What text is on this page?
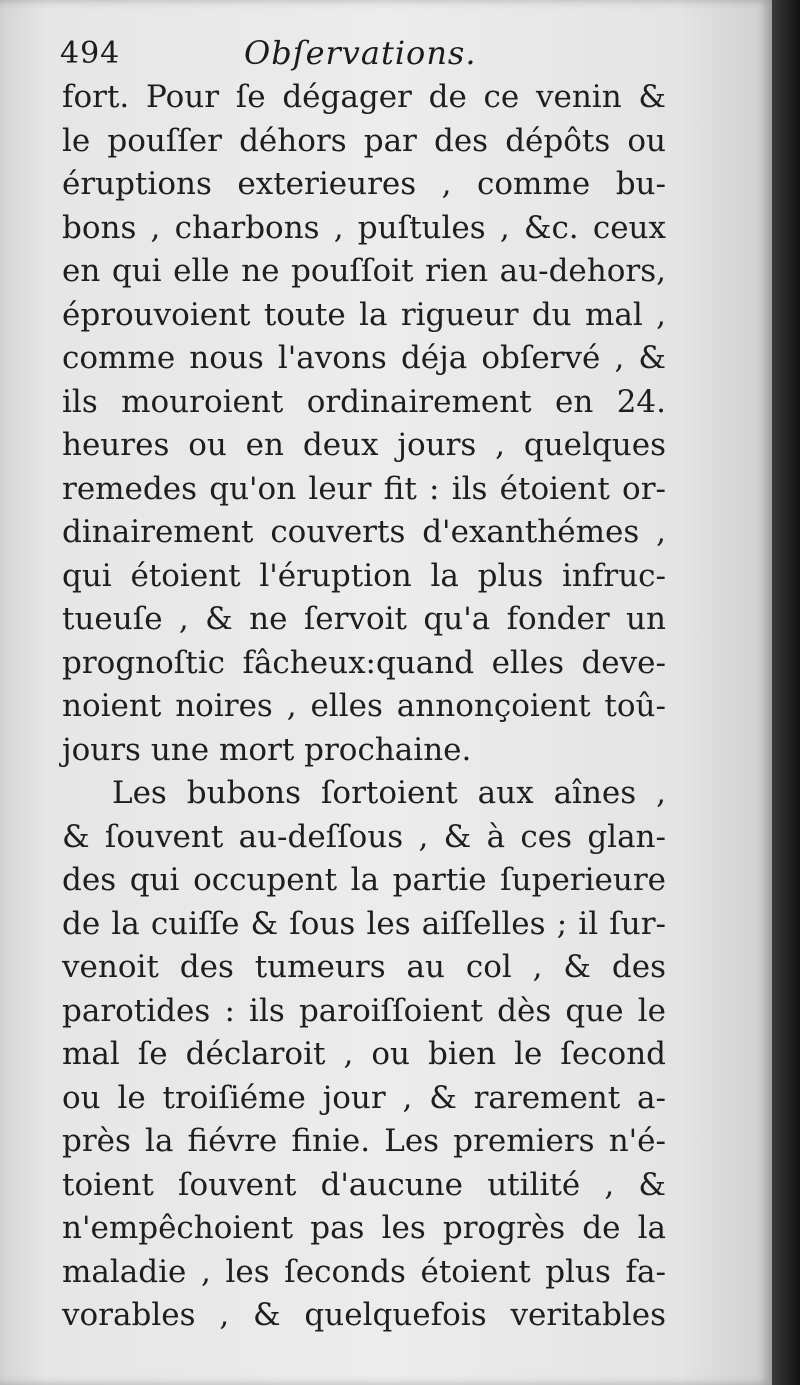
494	Obſervations.
fort. Pour ſe dégager de ce venin &
le pouſſer déhors par des dépôts ou
éruptions exterieures , comme bu-
bons , charbons , puſtules , &c. ceux
en qui elle ne pouſſoit rien au-dehors,
éprouvoient toute la rigueur du mal ,
comme nous l'avons déja obſervé , &
ils mouroient ordinairement en 24.
heures ou en deux jours , quelques
remedes qu'on leur fit : ils étoient or-
dinairement couverts d'exanthémes ,
qui étoient l'éruption la plus infruc-
tueuſe , & ne ſervoit qu'a fonder un
prognoſtic fâcheux:quand elles deve-
noient noires , elles annonçoient toû-
jours une mort prochaine.
Les bubons ſortoient aux aînes ,
& ſouvent au-deſſous , & à ces glan-
des qui occupent la partie ſuperieure
de la cuiſſe & ſous les aiſſelles ; il ſur-
venoit des tumeurs au col , & des
parotides : ils paroiſſoient dès que le
mal ſe déclaroit , ou bien le ſecond
ou le troiſiéme jour , & rarement a-
près la fiévre finie. Les premiers n'é-
toient ſouvent d'aucune utilité , &
n'empêchoient pas les progrès de la
maladie , les ſeconds étoient plus fa-
vorables , & quelquefois veritables
